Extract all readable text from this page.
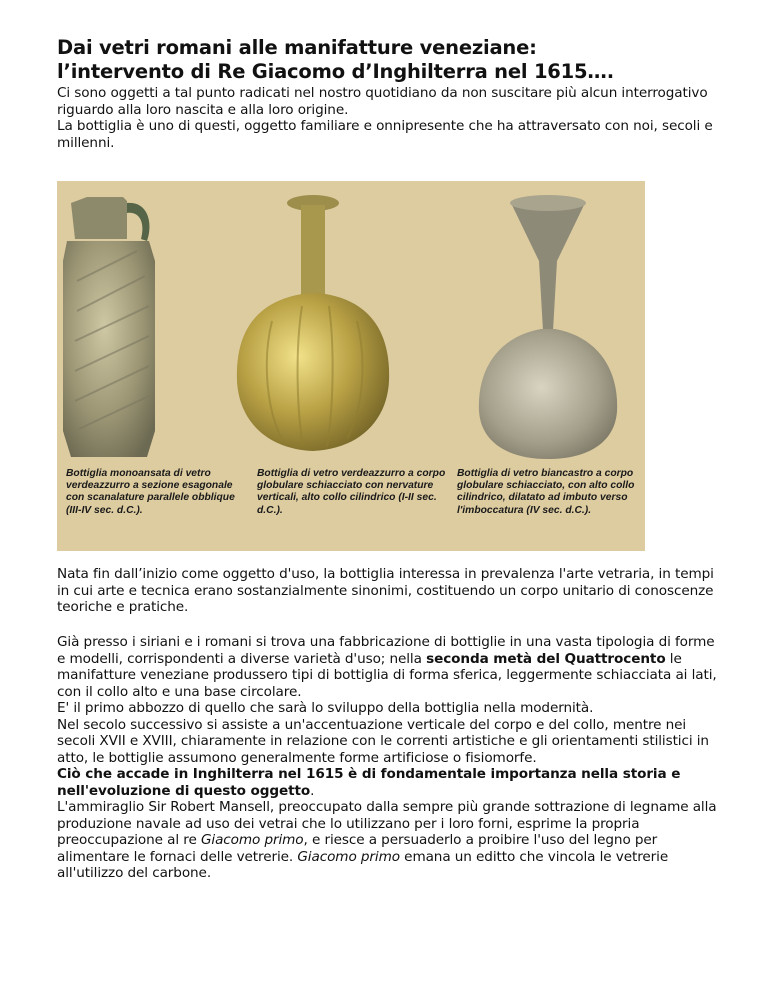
Dai vetri romani alle manifatture veneziane:
l’intervento di Re Giacomo d’Inghilterra nel 1615….

Ci sono oggetti a tal punto radicati nel nostro quotidiano da non suscitare più alcun interrogativo riguardo alla loro nascita e alla loro origine.
La bottiglia è uno di questi, oggetto familiare e onnipresente che ha attraversato con noi, secoli e millenni.

Bottiglia monoansata di vetro verdeazzurro a sezione esagonale con scanalature parallele obblique (III-IV sec. d.C.).
Bottiglia di vetro verdeazzurro a corpo globulare schiacciato con nervature verticali, alto collo cilindrico (I-II sec. d.C.).
Bottiglia di vetro biancastro a corpo globulare schiacciato, con alto collo cilindrico, dilatato ad imbuto verso l'imboccatura (IV sec. d.C.).

Nata fin dall’inizio come oggetto d'uso, la bottiglia interessa in prevalenza l'arte vetraria, in tempi in cui arte e tecnica erano sostanzialmente sinonimi, costituendo un corpo unitario di conoscenze teoriche e pratiche.

Già presso i siriani e i romani si trova una fabbricazione di bottiglie in una vasta tipologia di forme e modelli, corrispondenti a diverse varietà d'uso; nella seconda metà del Quattrocento le manifatture veneziane produssero tipi di bottiglia di forma sferica, leggermente schiacciata ai lati, con il collo alto e una base circolare.
E' il primo abbozzo di quello che sarà lo sviluppo della bottiglia nella modernità.
Nel secolo successivo si assiste a un'accentuazione verticale del corpo e del collo, mentre nei secoli XVII e XVIII, chiaramente in relazione con le correnti artistiche e gli orientamenti stilistici in atto, le bottiglie assumono generalmente forme artificiose o fisiomorfe.
Ciò che accade in Inghilterra nel 1615 è di fondamentale importanza nella storia e nell'evoluzione di questo oggetto.
L'ammiraglio Sir Robert Mansell, preoccupato dalla sempre più grande sottrazione di legname alla produzione navale ad uso dei vetrai che lo utilizzano per i loro forni, esprime la propria preoccupazione al re Giacomo primo, e riesce a persuaderlo a proibire l'uso del legno per alimentare le fornaci delle vetrerie. Giacomo primo emana un editto che vincola le vetrerie all'utilizzo del carbone.
